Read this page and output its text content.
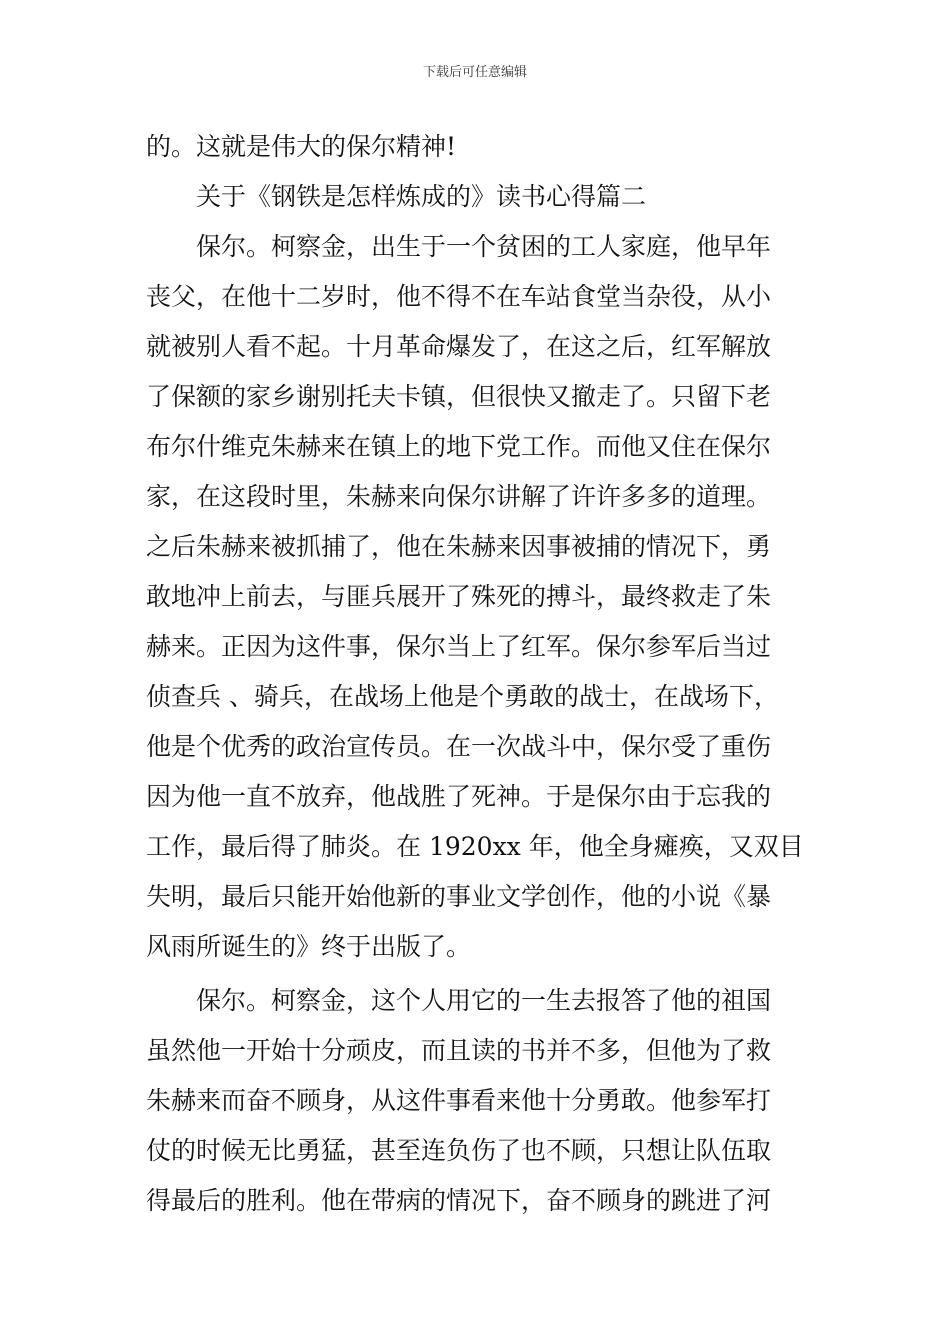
下载后可任意编辑
的。这就是伟大的保尔精神!
关于《钢铁是怎样炼成的》读书心得篇二
保尔。柯察金，出生于一个贫困的工人家庭，他早年
丧父，在他十二岁时，他不得不在车站食堂当杂役，从小
就被别人看不起。十月革命爆发了，在这之后，红军解放
了保额的家乡谢别托夫卡镇，但很快又撤走了。只留下老
布尔什维克朱赫来在镇上的地下党工作。而他又住在保尔
家，在这段时里，朱赫来向保尔讲解了许许多多的道理。
之后朱赫来被抓捕了，他在朱赫来因事被捕的情况下，勇
敢地冲上前去，与匪兵展开了殊死的搏斗，最终救走了朱
赫来。正因为这件事，保尔当上了红军。保尔参军后当过
侦查兵 、骑兵，在战场上他是个勇敢的战士，在战场下，
他是个优秀的政治宣传员。在一次战斗中，保尔受了重伤
因为他一直不放弃，他战胜了死神。于是保尔由于忘我的
工作，最后得了肺炎。在 1920xx 年，他全身瘫痪，又双目
失明，最后只能开始他新的事业文学创作，他的小说《暴
风雨所诞生的》终于出版了。
保尔。柯察金，这个人用它的一生去报答了他的祖国
虽然他一开始十分顽皮，而且读的书并不多，但他为了救
朱赫来而奋不顾身，从这件事看来他十分勇敢。他参军打
仗的时候无比勇猛，甚至连负伤了也不顾，只想让队伍取
得最后的胜利。他在带病的情况下，奋不顾身的跳进了河
